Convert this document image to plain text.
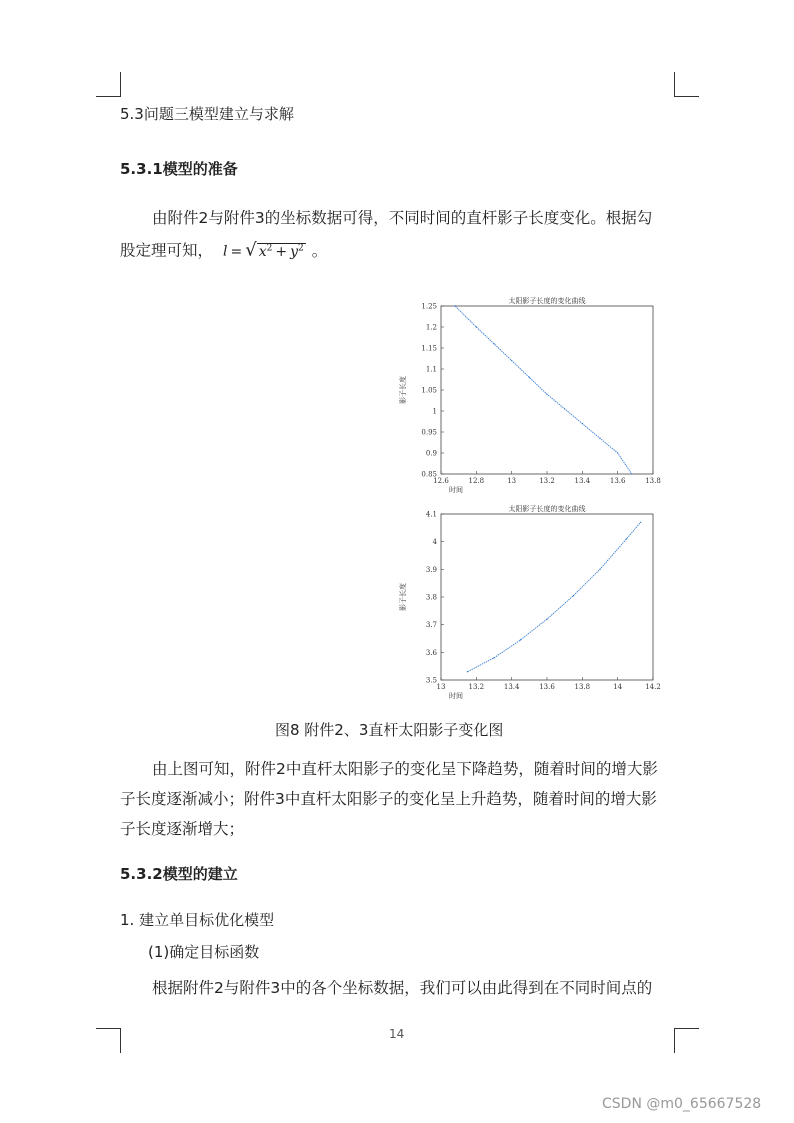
5.3问题三模型建立与求解
5.3.1模型的准备
由附件2与附件3的坐标数据可得，不同时间的直杆影子长度变化。根据勾
股定理可知， l = √ $x^2 + y^2$ 。
太阳影子长度的变化曲线
12.6	12.8	13	13.2	13.4	13.6	13.8
0.85
0.9
0.95
1
1.05
1.1
1.15
1.2
1.25
时间
影子长度
太阳影子长度的变化曲线
13	13.2	13.4	13.6	13.8	14	14.2
3.5
3.6
3.7
3.8
3.9
4
4.1
时间
影子长度
图8 附件2、3直杆太阳影子变化图
由上图可知，附件2中直杆太阳影子的变化呈下降趋势，随着时间的增大影
子长度逐渐减小；附件3中直杆太阳影子的变化呈上升趋势，随着时间的增大影
子长度逐渐增大；
5.3.2模型的建立
1. 建立单目标优化模型
(1)确定目标函数
根据附件2与附件3中的各个坐标数据，我们可以由此得到在不同时间点的
14
CSDN @m0_65667528
